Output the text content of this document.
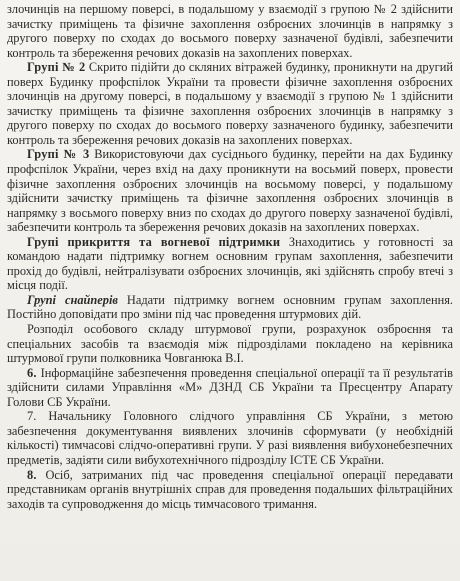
злочинців на першому поверсі, в подальшому у взаємодії з групою № 2 здійснити зачистку приміщень та фізичне захоплення озброєних злочинців в напрямку з другого поверху по сходах до восьмого поверху зазначеної будівлі, забезпечити контроль та збереження речових доказів на захоплених поверхах.

Групі № 2 Скрито підійти до скляних вітражей будинку, проникнути на другий поверх Будинку профспілок України та провести фізичне захоплення озброєних злочинців на другому поверсі, в подальшому у взаємодії з групою № 1 здійснити зачистку приміщень та фізичне захоплення озброєних злочинців в напрямку з другого поверху по сходах до восьмого поверху зазначеного будинку, забезпечити контроль та збереження речових доказів на захоплених поверхах.

Групі № 3 Використовуючи дах сусіднього будинку, перейти на дах Будинку профспілок України, через вхід на даху проникнути на восьмий поверх, провести фізичне захоплення озброєних злочинців на восьмому поверсі, у подальшому здійснити зачистку приміщень та фізичне захоплення озброєних злочинців в напрямку з восьмого поверху вниз по сходах до другого поверху зазначеної будівлі, забезпечити контроль та збереження речових доказів на захоплених поверхах.

Групі прикриття та вогневої підтримки Знаходитись у готовності за командою надати підтримку вогнем основним групам захоплення, забезпечити прохід до будівлі, нейтралізувати озброєних злочинців, які здійснять спробу втечі з місця події.

Групі снайперів Надати підтримку вогнем основним групам захоплення. Постійно доповідати про зміни під час проведення штурмових дій.

Розподіл особового складу штурмової групи, розрахунок озброєння та спеціальних засобів та взаємодія між підрозділами покладено на керівника штурмової групи полковника Човганюка В.І.

6. Інформаційне забезпечення проведення спеціальної операції та її результатів здійснити силами Управління «М» ДЗНД СБ України та Пресцентру Апарату Голови СБ України.

7. Начальнику Головного слідчого управління СБ України, з метою забезпечення документування виявлених злочинів сформувати (у необхідній кількості) тимчасові слідчо-оперативні групи. У разі виявлення вибухонебезпечних предметів, задіяти сили вибухотехнічного підрозділу ІСТЕ СБ України.

8. Осіб, затриманих під час проведення спеціальної операції передавати представникам органів внутрішніх справ для проведення подальших фільтраційних заходів та супроводження до місць тимчасового тримання.
